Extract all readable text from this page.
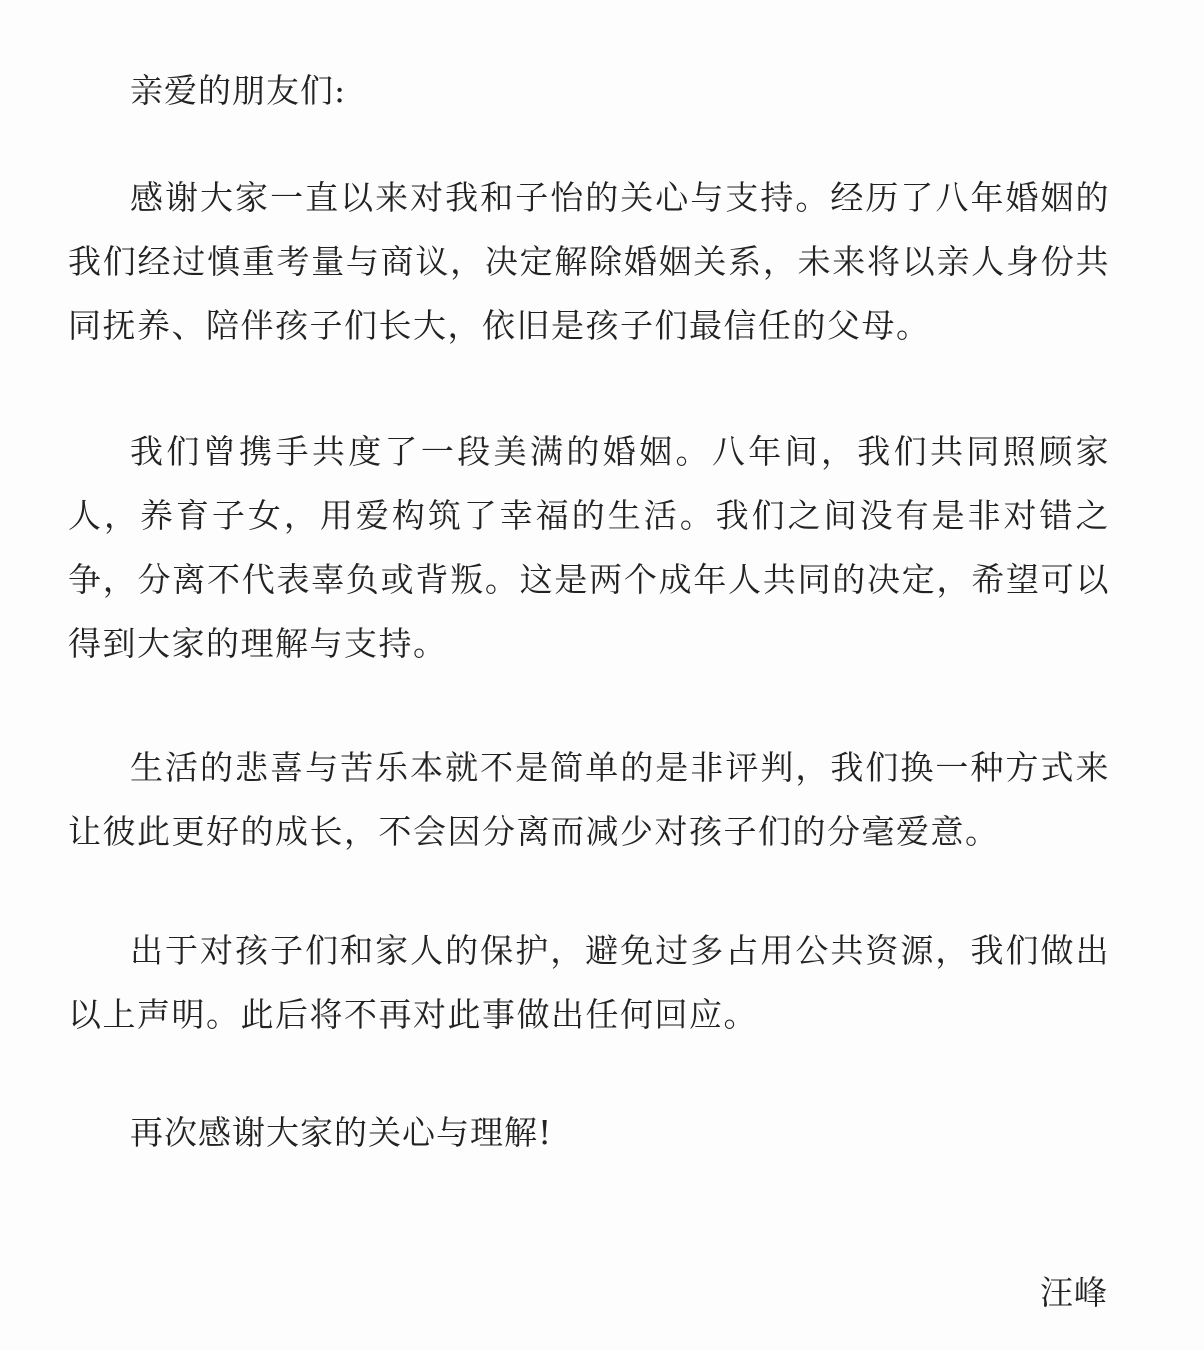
亲爱的朋友们:

感谢大家一直以来对我和子怡的关心与支持。经历了八年婚姻的我们经过慎重考量与商议，决定解除婚姻关系，未来将以亲人身份共同抚养、陪伴孩子们长大，依旧是孩子们最信任的父母。

我们曾携手共度了一段美满的婚姻。八年间，我们共同照顾家人，养育子女，用爱构筑了幸福的生活。我们之间没有是非对错之争，分离不代表辜负或背叛。这是两个成年人共同的决定，希望可以得到大家的理解与支持。

生活的悲喜与苦乐本就不是简单的是非评判，我们换一种方式来让彼此更好的成长，不会因分离而减少对孩子们的分毫爱意。

出于对孩子们和家人的保护，避免过多占用公共资源，我们做出以上声明。此后将不再对此事做出任何回应。

再次感谢大家的关心与理解!

汪峰
